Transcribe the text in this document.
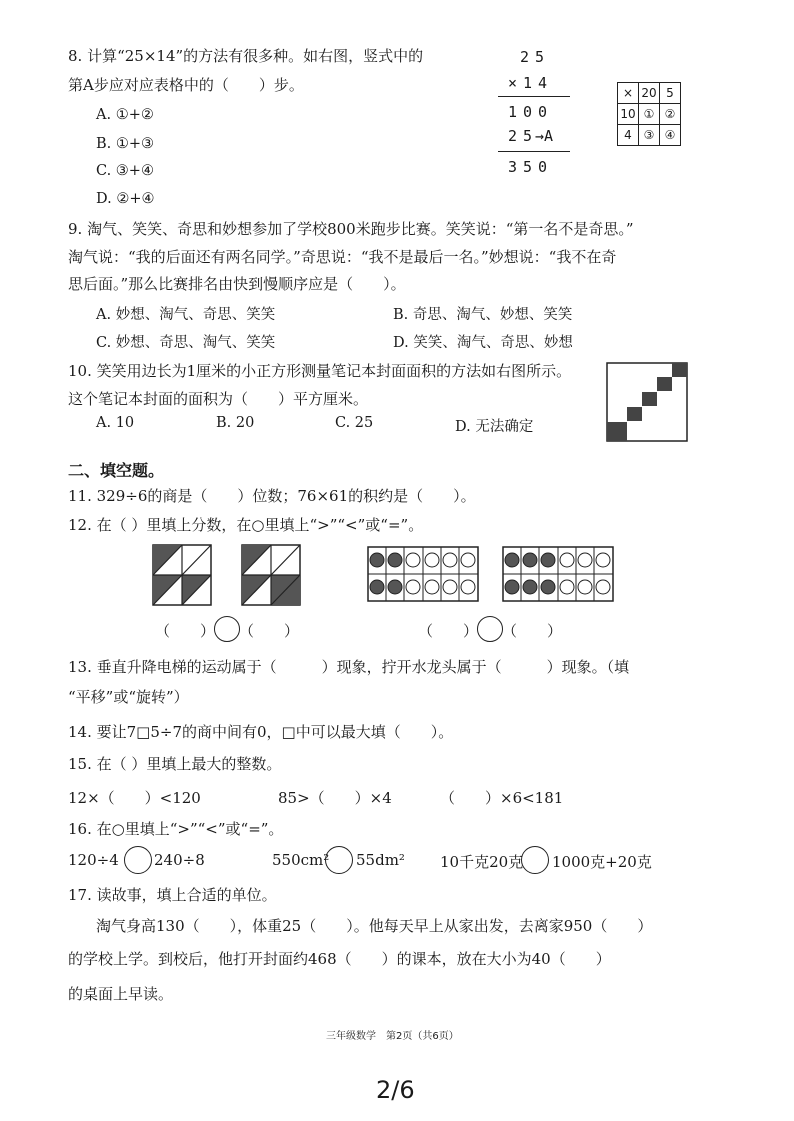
8. 计算“25×14”的方法有很多种。如右图，竖式中的
第A步应对应表格中的（　　）步。
A. ①+②
B. ①+③
C. ③+④
D. ②+④
25
×14
100
25
→A
350
×	20	5
10	①	②
4	③	④
9. 淘气、笑笑、奇思和妙想参加了学校800米跑步比赛。笑笑说：“第一名不是奇思。”
淘气说：“我的后面还有两名同学。”奇思说：“我不是最后一名。”妙想说：“我不在奇
思后面。”那么比赛排名由快到慢顺序应是（　　）。
A. 妙想、淘气、奇思、笑笑	B. 奇思、淘气、妙想、笑笑
C. 妙想、奇思、淘气、笑笑	D. 笑笑、淘气、奇思、妙想
10. 笑笑用边长为1厘米的小正方形测量笔记本封面面积的方法如右图所示。
这个笔记本封面的面积为（　　）平方厘米。
A. 10	B. 20	C. 25	D. 无法确定
二、填空题。
11. 329÷6的商是（　　）位数；76×61的积约是（　　）。
12. 在（ ）里填上分数，在○里填上“>”“<”或“=”。
（　　） （　　）	（　　） （　　）
13. 垂直升降电梯的运动属于（　　　）现象，拧开水龙头属于（　　　）现象。（填
“平移”或“旋转”）
14. 要让7□5÷7的商中间有0，□中可以最大填（　　）。
15. 在（ ）里填上最大的整数。
12×（　　）<120	85>（　　）×4	（　　）×6<181
16. 在○里填上“>”“<”或“=”。
120÷4 240÷8	550cm² 55dm² 10千克20克 1000克+20克
17. 读故事，填上合适的单位。
淘气身高130（　　），体重25（　　）。他每天早上从家出发，去离家950（　　）
的学校上学。到校后，他打开封面约468（　　）的课本，放在大小为40（　　）
的桌面上早读。
三年级数学　第2页（共6页）
2/6
